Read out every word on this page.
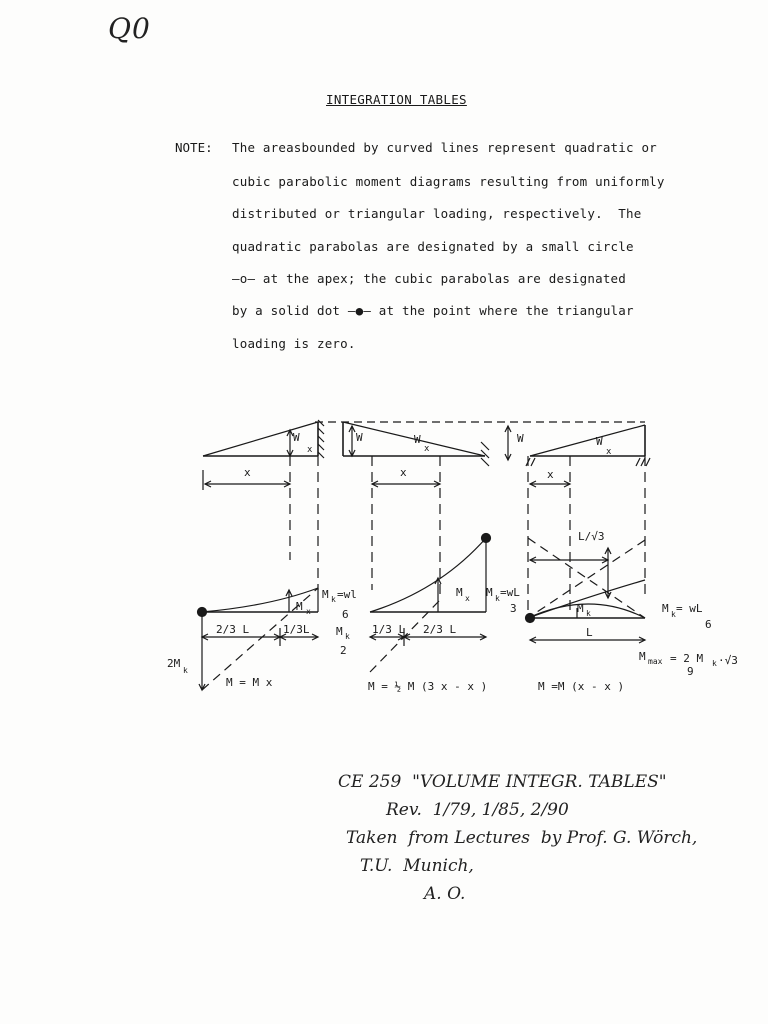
Q0
INTEGRATION TABLES
NOTE: The areasbounded by curved lines represent quadratic or
cubic parabolic moment diagrams resulting from uniformly
distributed or triangular loading, respectively.  The
quadratic parabolas are designated by a small circle
—o— at the apex; the cubic parabolas are designated
by a solid dot —●— at the point where the triangular
loading is zero.
W
x
x
W	W
x
x
W	W
x
x
L/√3
M x
M k =wl
6
2/3 L	1/3L M k
2
2M
k
M x M k =wL
3
1/3 L 2/3 L
M k	M k = wL
6
L
M max = 2 M
9
k ·√3
M = M x	M = ½ M (3 x - x )	M =M (x - x )
CE 259  "VOLUME INTEGR. TABLES"
Rev.  1/79, 1/85, 2/90
Taken  from Lectures  by Prof. G. Wörch,
T.U.  Munich,
A. O.
